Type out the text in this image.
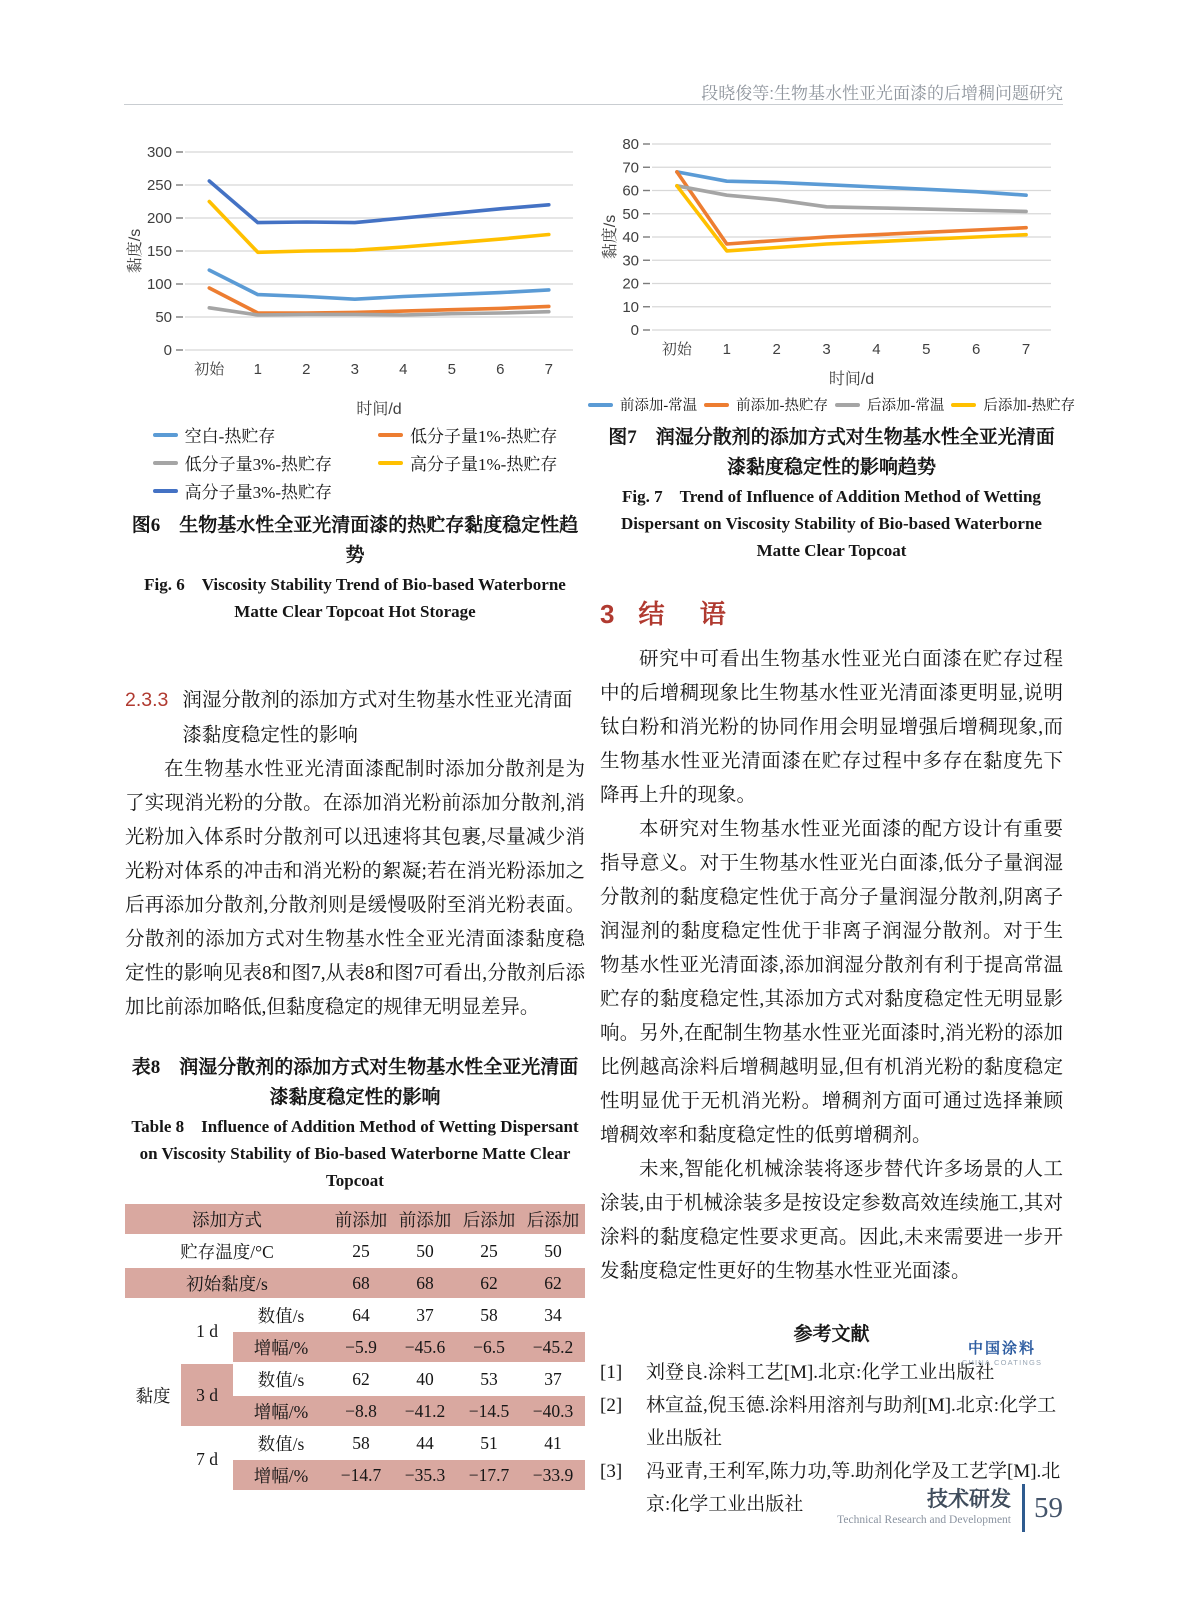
段晓俊等:生物基水性亚光面漆的后增稠问题研究
0
50
100
150
200
250
300
初始 1	2	3	4	5	6	7
时间/d
黏度/s
空白-热贮存	低分子量1%-热贮存
低分子量3%-热贮存	高分子量1%-热贮存
高分子量3%-热贮存
图6　生物基水性全亚光清面漆的热贮存黏度稳定性趋势
Fig. 6　Viscosity Stability Trend of Bio-based Waterborne Matte Clear Topcoat Hot Storage
2.3.3 润湿分散剂的添加方式对生物基水性亚光清面漆黏度稳定性的影响

在生物基水性亚光清面漆配制时添加分散剂是为了实现消光粉的分散。在添加消光粉前添加分散剂,消光粉加入体系时分散剂可以迅速将其包裹,尽量减少消光粉对体系的冲击和消光粉的絮凝;若在消光粉添加之后再添加分散剂,分散剂则是缓慢吸附至消光粉表面。分散剂的添加方式对生物基水性全亚光清面漆黏度稳定性的影响见表8和图7,从表8和图7可看出,分散剂后添加比前添加略低,但黏度稳定的规律无明显差异。

表8　润湿分散剂的添加方式对生物基水性全亚光清面漆黏度稳定性的影响
Table 8　Influence of Addition Method of Wetting Dispersant on Viscosity Stability of Bio-based Waterborne Matte Clear Topcoat
添加方式			前添加	前添加	后添加	后添加
贮存温度/°C			25	50	25	50
初始黏度/s			68	68	62	62
黏度	1 d	数值/s	64	37	58	34
		增幅/%	−5.9	−45.6	−6.5	−45.2
	3 d	数值/s	62	40	53	37
		增幅/%	−8.8	−41.2	−14.5	−40.3
	7 d	数值/s	58	44	51	41
		增幅/%	−14.7	−35.3	−17.7	−33.9
0
10
20
30
40
50
60
70
80
初始 1	2	3	4	5	6	7
时间/d
黏度/s
前添加-常温	前添加-热贮存	后添加-常温	后添加-热贮存
图7　润湿分散剂的添加方式对生物基水性全亚光清面漆黏度稳定性的影响趋势
Fig. 7　Trend of Influence of Addition Method of Wetting Dispersant on Viscosity Stability of Bio-based Waterborne Matte Clear Topcoat
3 结 语

研究中可看出生物基水性亚光白面漆在贮存过程中的后增稠现象比生物基水性亚光清面漆更明显,说明钛白粉和消光粉的协同作用会明显增强后增稠现象,而生物基水性亚光清面漆在贮存过程中多存在黏度先下降再上升的现象。

本研究对生物基水性亚光面漆的配方设计有重要指导意义。对于生物基水性亚光白面漆,低分子量润湿分散剂的黏度稳定性优于高分子量润湿分散剂,阴离子润湿剂的黏度稳定性优于非离子润湿分散剂。对于生物基水性亚光清面漆,添加润湿分散剂有利于提高常温贮存的黏度稳定性,其添加方式对黏度稳定性无明显影响。另外,在配制生物基水性亚光面漆时,消光粉的添加比例越高涂料后增稠越明显,但有机消光粉的黏度稳定性明显优于无机消光粉。增稠剂方面可通过选择兼顾增稠效率和黏度稳定性的低剪增稠剂。

未来,智能化机械涂装将逐步替代许多场景的人工涂装,由于机械涂装多是按设定参数高效连续施工,其对涂料的黏度稳定性要求更高。因此,未来需要进一步开发黏度稳定性更好的生物基水性亚光面漆。

参考文献
[1]	刘登良.涂料工艺[M].北京:化学工业出版社
[2]	林宣益,倪玉德.涂料用溶剂与助剂[M].北京:化学工业出版社
[3]	冯亚青,王利军,陈力功,等.助剂化学及工艺学[M].北京:化学工业出版社
中国涂料
CHINA COATINGS
技术研发
Technical Research and Development 59
